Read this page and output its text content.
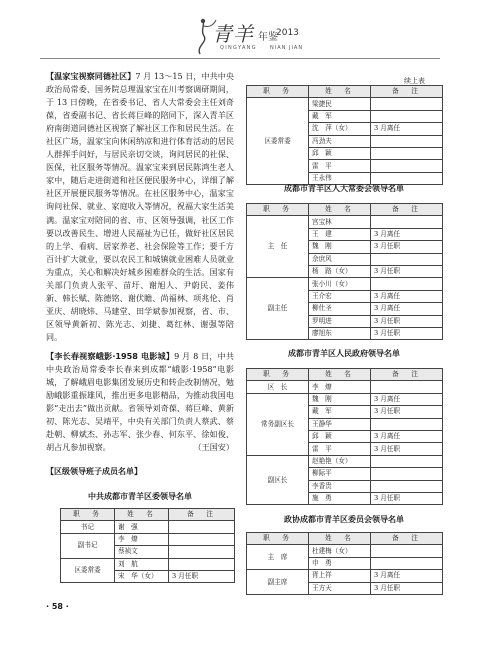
青羊 年鉴
2013
QINGYANG	NIAN JIAN

【温家宝视察同德社区】7 月 13～15 日，中共中央政治局常委、国务院总理温家宝在川考察调研期间，于 13 日傍晚，在省委书记、省人大常委会主任刘奇葆，省委副书记、省长蒋巨峰的陪同下，深入青羊区府南街道同德社区视察了解社区工作和居民生活。在社区广场，温家宝向休闲纳凉和进行体育活动的居民人群挥手问好，与居民亲切交谈，询问居民的社保、医保，社区服务等情况。温家宝来到居民陈鸿生老人家中，随后走进街道和社区便民服务中心，详细了解社区开展便民服务等情况。在社区服务中心，温家宝询问社保、就业、家庭收入等情况，祝福大家生活美满。温家宝对陪同的省、市、区领导强调，社区工作要以改善民生、增进人民福祉为已任，做好社区居民的上学、看病、居家养老、社会保险等工作；要千方百计扩大就业，要以农民工和城镇就业困难人员就业为重点，关心和解决好城乡困难群众的生活。国家有关部门负责人张平、苗圩、谢旭人、尹蔚民、姜伟新、韩长赋、陈德铭、谢伏瞻、尚福林、项兆伦、肖亚庆、胡晓炜、马建堂、田学斌参加视察，省、市、区领导黄新初、陈光志、刘捷、葛红林、谢强等陪同。

【李长春视察峨影·1958 电影城】9 月 8 日，中共中央政治局常委李长春来到成都“峨影·1958”电影城，了解峨眉电影集团发展历史和转企改制情况，勉励峨影重振雄风，推出更多电影精品，为推动我国电影“走出去”做出贡献。省领导刘奇葆、蒋巨峰、黄新初、陈光志、吴靖平，中央有关部门负责人蔡武、蔡赴朝、柳斌杰、孙志军、张少春、何东平、徐如俊、胡占凡参加视察。	（王国安）

【区级领导班子成员名单】
中共成都市青羊区委领导名单
职　务	姓　名	备　注
书记	谢　强	
副书记	李　燎	
	蔡祯文	
区委常委	刘　航	
	宋　华（女）	3 月任职
续上表
职　务	姓　名	备　注
区委常委	梁捷民	
	戴　军	
	沈　萍（女）	3 月离任
	冯劲夫	
	邱　颖	
	雷　平	
	王永伟	
成都市青羊区人大常委会领导名单
职　务	姓　名	备　注
主　任	宫宝林	
	王　建	3 月离任
	魏　刚	3 月任职
	佘庶风	
	杨　路（女）	3 月任职
副主任	张小川（女）	
	王介宏	3 月离任
	柳仕圣	3 月离任
	罗明进	3 月任职
	廖旭东	3 月任职
成都市青羊区人民政府领导名单
职　务	姓　名	备　注
区　长	李　燎	
常务副区长	魏　刚	3 月离任
	戴　军	3 月任职
	王静华	
	邱　颖	3 月离任
	雷　平	3 月任职
副区长	赵艳艳（女）	
	柳际平	
	李香贵	
	施　勇	3 月任职
政协成都市青羊区委员会领导名单
职　务	姓　名	备　注
主　席	杜建梅（女）	
	申　勇	
副主席	胥上祥	3 月离任
	王方天	3 月任职
· 58 ·
